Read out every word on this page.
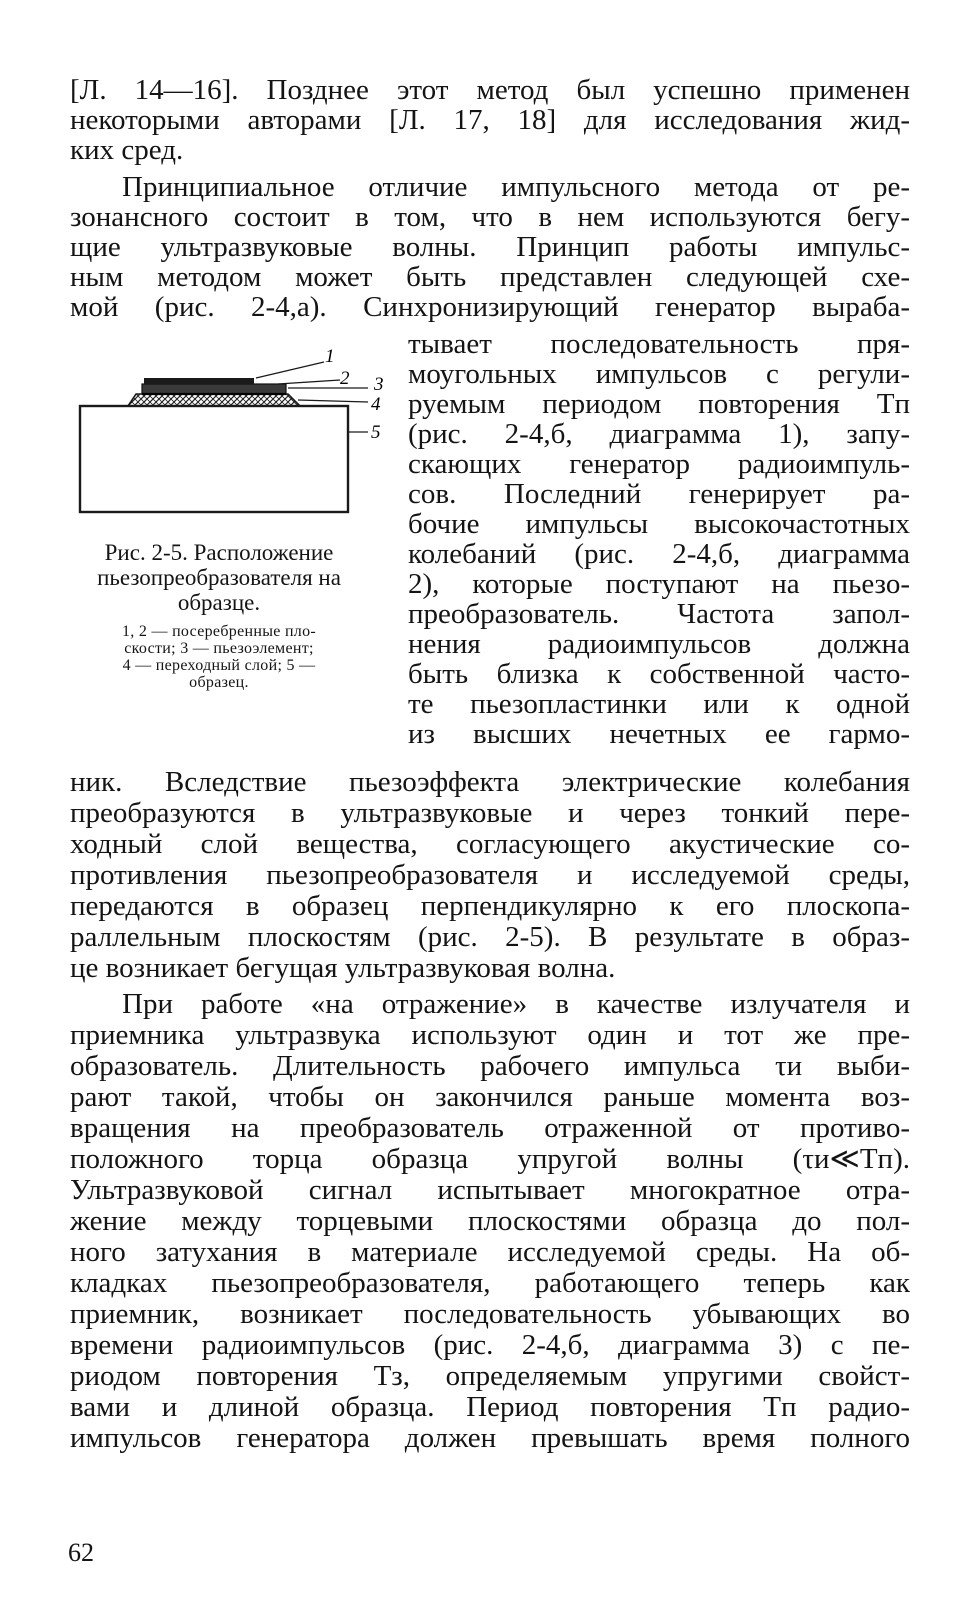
[Л. 14—16]. Позднее этот метод был успешно применен
некоторыми авторами [Л. 17, 18] для исследования жид-
ких сред.
Принципиальное отличие импульсного метода от ре-
зонансного состоит в том, что в нем используются бегу-
щие ультразвуковые волны. Принцип работы импульс-
ным методом может быть представлен следующей схе-
мой (рис. 2-4,а). Синхронизирующий генератор выраба-
тывает последовательность пря-
моугольных импульсов с регули-
руемым периодом повторения Tп
(рис. 2-4,б, диаграмма 1), запу-
скающих генератор радиоимпуль-
сов. Последний генерирует ра-
бочие импульсы высокочастотных
колебаний (рис. 2-4,б, диаграмма
2), которые поступают на пьезо-
преобразователь. Частота запол-
нения радиоимпульсов должна
быть близка к собственной часто-
те пьезопластинки или к одной
из высших нечетных ее гармо-
1
2 3
4
5
Рис. 2-5. Расположение
пьезопреобразователя на
образце.
1, 2 — посеребренные пло-
скости; 3 — пьезоэлемент;
4 — переходный слой; 5 —
образец.
ник. Вследствие пьезоэффекта электрические колебания
преобразуются в ультразвуковые и через тонкий пере-
ходный слой вещества, согласующего акустические со-
противления пьезопреобразователя и исследуемой среды,
передаются в образец перпендикулярно к его плоскопа-
раллельным плоскостям (рис. 2-5). В результате в образ-
це возникает бегущая ультразвуковая волна.
При работе «на отражение» в качестве излучателя и
приемника ультразвука используют один и тот же пре-
образователь. Длительность рабочего импульса τи выби-
рают такой, чтобы он закончился раньше момента воз-
вращения на преобразователь отраженной от противо-
положного торца образца упругой волны (τи≪Tп).
Ультразвуковой сигнал испытывает многократное отра-
жение между торцевыми плоскостями образца до пол-
ного затухания в материале исследуемой среды. На об-
кладках пьезопреобразователя, работающего теперь как
приемник, возникает последовательность убывающих во
времени радиоимпульсов (рис. 2-4,б, диаграмма 3) с пе-
риодом повторения Tз, определяемым упругими свойст-
вами и длиной образца. Период повторения Tп радио-
импульсов генератора должен превышать время полного
62
